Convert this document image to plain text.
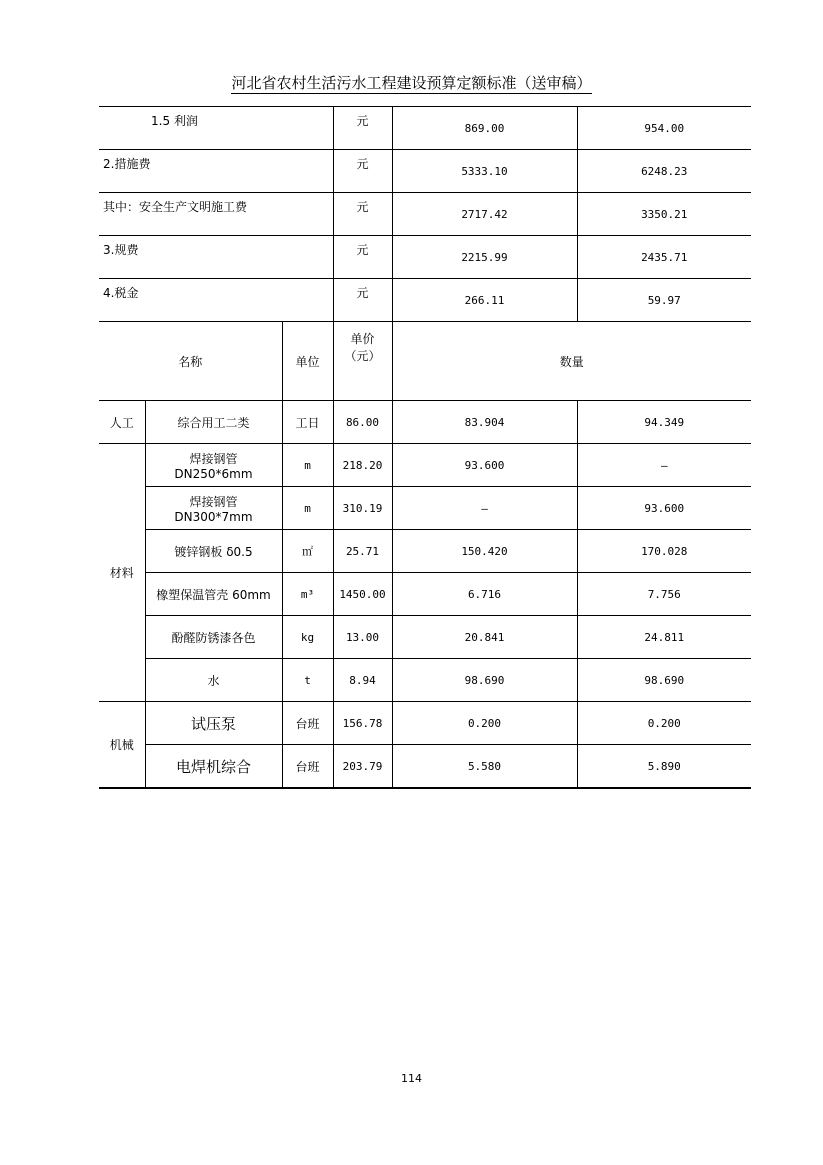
河北省农村生活污水工程建设预算定额标准（送审稿）
1.5 利润			元	869.00	954.00
2.措施费			元	5333.10	6248.23
其中：安全生产文明施工费			元	2717.42	3350.21
3.规费			元	2215.99	2435.71
4.税金			元	266.11	59.97
名称		单位	单价（元）	数量	
人工	综合用工二类	工日	86.00	83.904	94.349
材料	焊接钢管 DN250*6mm	m	218.20	93.600	–
	焊接钢管 DN300*7mm	m	310.19	–	93.600
	镀锌钢板 δ0.5	㎡	25.71	150.420	170.028
	橡塑保温管壳 60mm	m³	1450.00	6.716	7.756
	酚醛防锈漆各色	kg	13.00	20.841	24.811
	水	t	8.94	98.690	98.690
机械	试压泵	台班	156.78	0.200	0.200
	电焊机综合	台班	203.79	5.580	5.890
114
